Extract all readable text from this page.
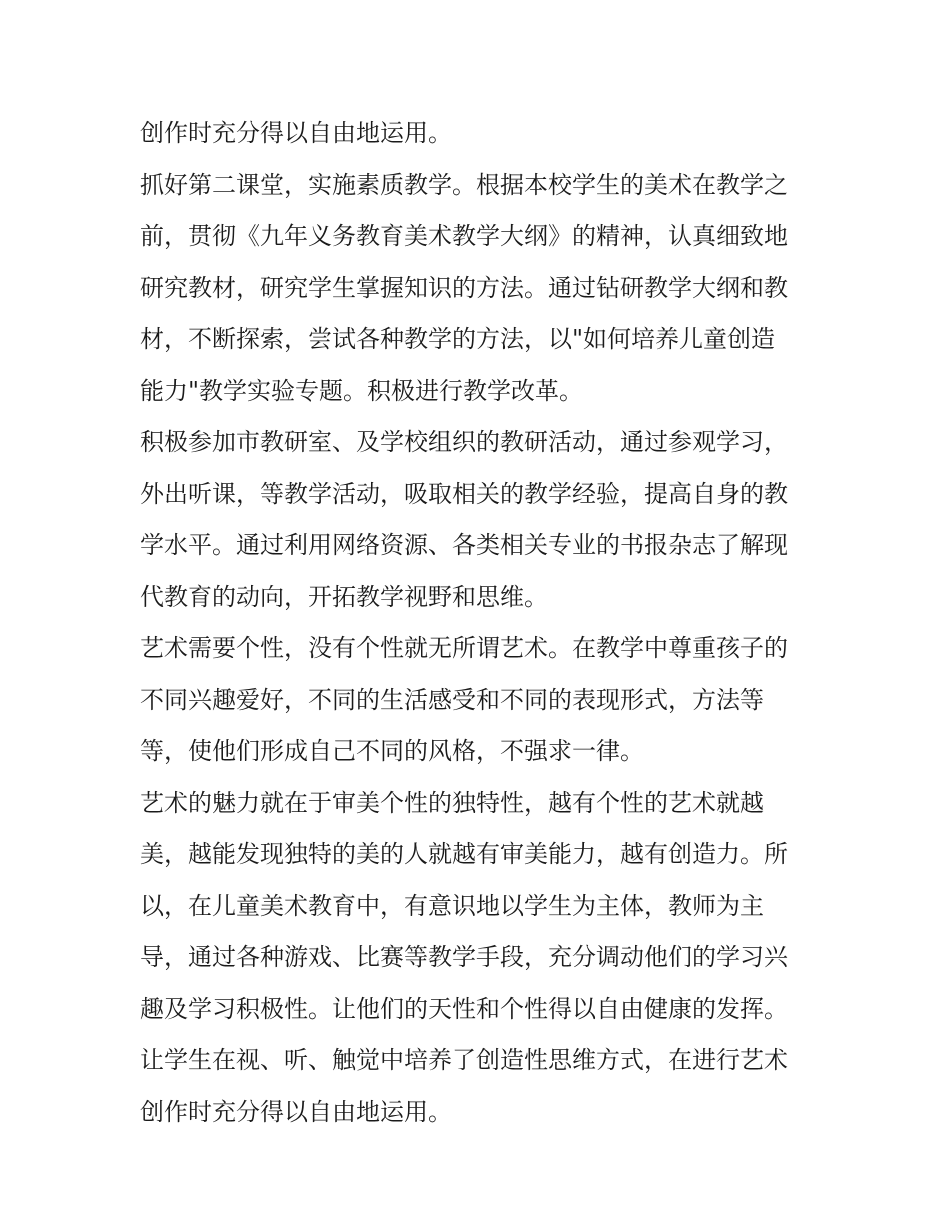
创作时充分得以自由地运用。
抓好第二课堂，实施素质教学。根据本校学生的美术在教学之
前，贯彻《九年义务教育美术教学大纲》的精神，认真细致地
研究教材，研究学生掌握知识的方法。通过钻研教学大纲和教
材，不断探索，尝试各种教学的方法，以"如何培养儿童创造
能力"教学实验专题。积极进行教学改革。
积极参加市教研室、及学校组织的教研活动，通过参观学习，
外出听课，等教学活动，吸取相关的教学经验，提高自身的教
学水平。通过利用网络资源、各类相关专业的书报杂志了解现
代教育的动向，开拓教学视野和思维。
艺术需要个性，没有个性就无所谓艺术。在教学中尊重孩子的
不同兴趣爱好，不同的生活感受和不同的表现形式，方法等
等，使他们形成自己不同的风格，不强求一律。
艺术的魅力就在于审美个性的独特性，越有个性的艺术就越
美，越能发现独特的美的人就越有审美能力，越有创造力。所
以，在儿童美术教育中，有意识地以学生为主体，教师为主
导，通过各种游戏、比赛等教学手段，充分调动他们的学习兴
趣及学习积极性。让他们的天性和个性得以自由健康的发挥。
让学生在视、听、触觉中培养了创造性思维方式，在进行艺术
创作时充分得以自由地运用。
